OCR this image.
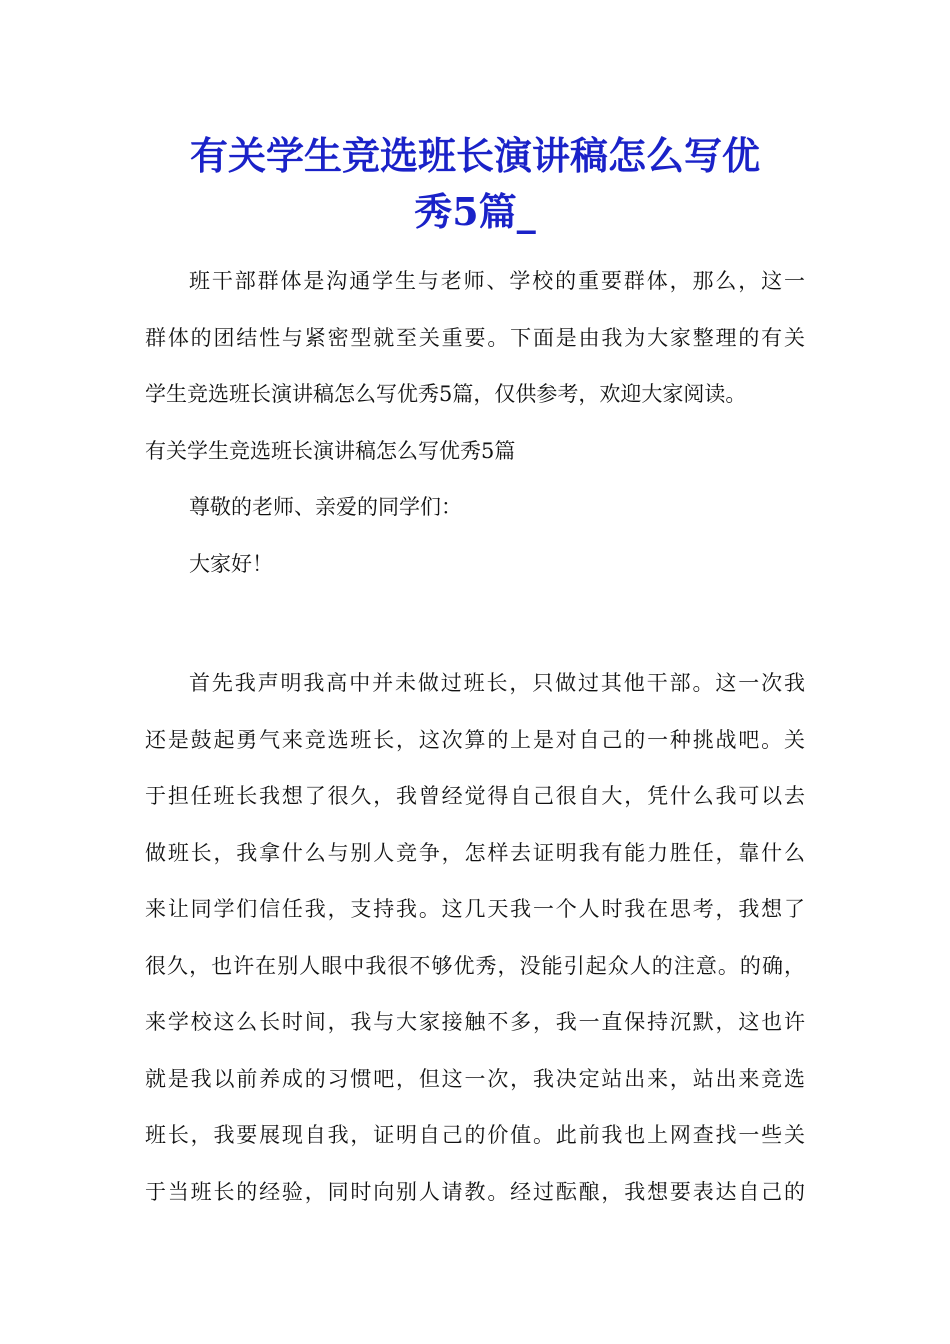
有关学生竞选班长演讲稿怎么写优
秀5篇_
班干部群体是沟通学生与老师、学校的重要群体，那么，这一
群体的团结性与紧密型就至关重要。下面是由我为大家整理的有关
学生竞选班长演讲稿怎么写优秀5篇，仅供参考，欢迎大家阅读。
有关学生竞选班长演讲稿怎么写优秀5篇
尊敬的老师、亲爱的同学们：
大家好！
首先我声明我高中并未做过班长，只做过其他干部。这一次我
还是鼓起勇气来竞选班长，这次算的上是对自己的一种挑战吧。关
于担任班长我想了很久，我曾经觉得自己很自大，凭什么我可以去
做班长，我拿什么与别人竞争，怎样去证明我有能力胜任，靠什么
来让同学们信任我，支持我。这几天我一个人时我在思考，我想了
很久，也许在别人眼中我很不够优秀，没能引起众人的注意。的确，
来学校这么长时间，我与大家接触不多，我一直保持沉默，这也许
就是我以前养成的习惯吧，但这一次，我决定站出来，站出来竞选
班长，我要展现自我，证明自己的价值。此前我也上网查找一些关
于当班长的经验，同时向别人请教。经过酝酿，我想要表达自己的
